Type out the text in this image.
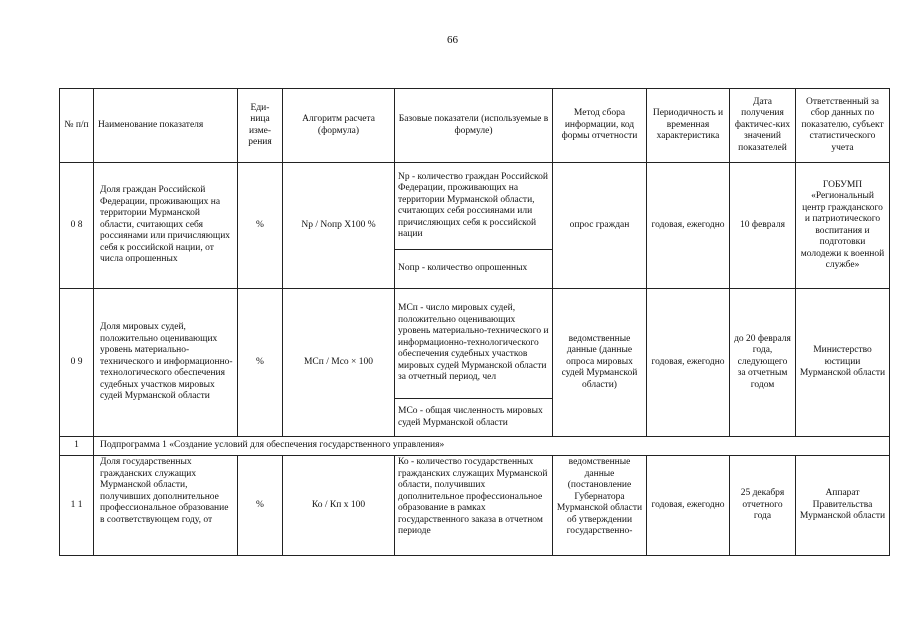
66
№ п/п	Наименование показателя	Еди-ница изме-рения	Алгоритм расчета (формула)	Базовые показатели (используемые в формуле)	Метод сбора информации, код формы отчетности	Периодичность и временная характеристика	Дата получения фактичес-ких значений показателей	Ответственный за сбор данных по показателю, субъект статистического учета
0 8	Доля граждан Российской Федерации, проживающих на территории Мурманской области, считающих себя россиянами или причисляющих себя к российской нации, от числа опрошенных	%	Nр / Nопр Х100 %	Nр - количество граждан Российской Федерации, проживающих на территории Мурманской области, считающих себя россиянами или причисляющих себя к российской нации	опрос граждан	годовая, ежегодно	10 февраля	ГОБУМП «Региональный центр гражданского и патриотического воспитания и подготовки молодежи к военной службе»
				Nопр - количество опрошенных				
0 9	Доля мировых судей, положительно оценивающих уровень материально-технического и информационно-технологического обеспечения судебных участков мировых судей Мурманской области	%	МСп / Мсо × 100	МСп - число мировых судей, положительно оценивающих уровень материально-технического и информационно-технологического обеспечения судебных участков мировых судей Мурманской области за отчетный период, чел	ведомственные данные (данные опроса мировых судей Мурманской области)	годовая, ежегодно	до 20 февраля года, следующего за отчетным годом	Министерство юстиции Мурманской области
				МСо - общая численность мировых судей Мурманской области				
1	Подпрограмма 1 «Создание условий для обеспечения государственного управления»							
1 1	Доля государственных гражданских служащих Мурманской области, получивших дополнительное профессиональное образование в соответствующем году, от	%	Ко / Кп х 100	Ко - количество государственных гражданских служащих Мурманской области, получивших дополнительное профессиональное образование в рамках государственного заказа в отчетном периоде	ведомственные данные (постановление Губернатора Мурманской области об утверждении государственно-	годовая, ежегодно	25 декабря отчетного года	Аппарат Правительства Мурманской области
